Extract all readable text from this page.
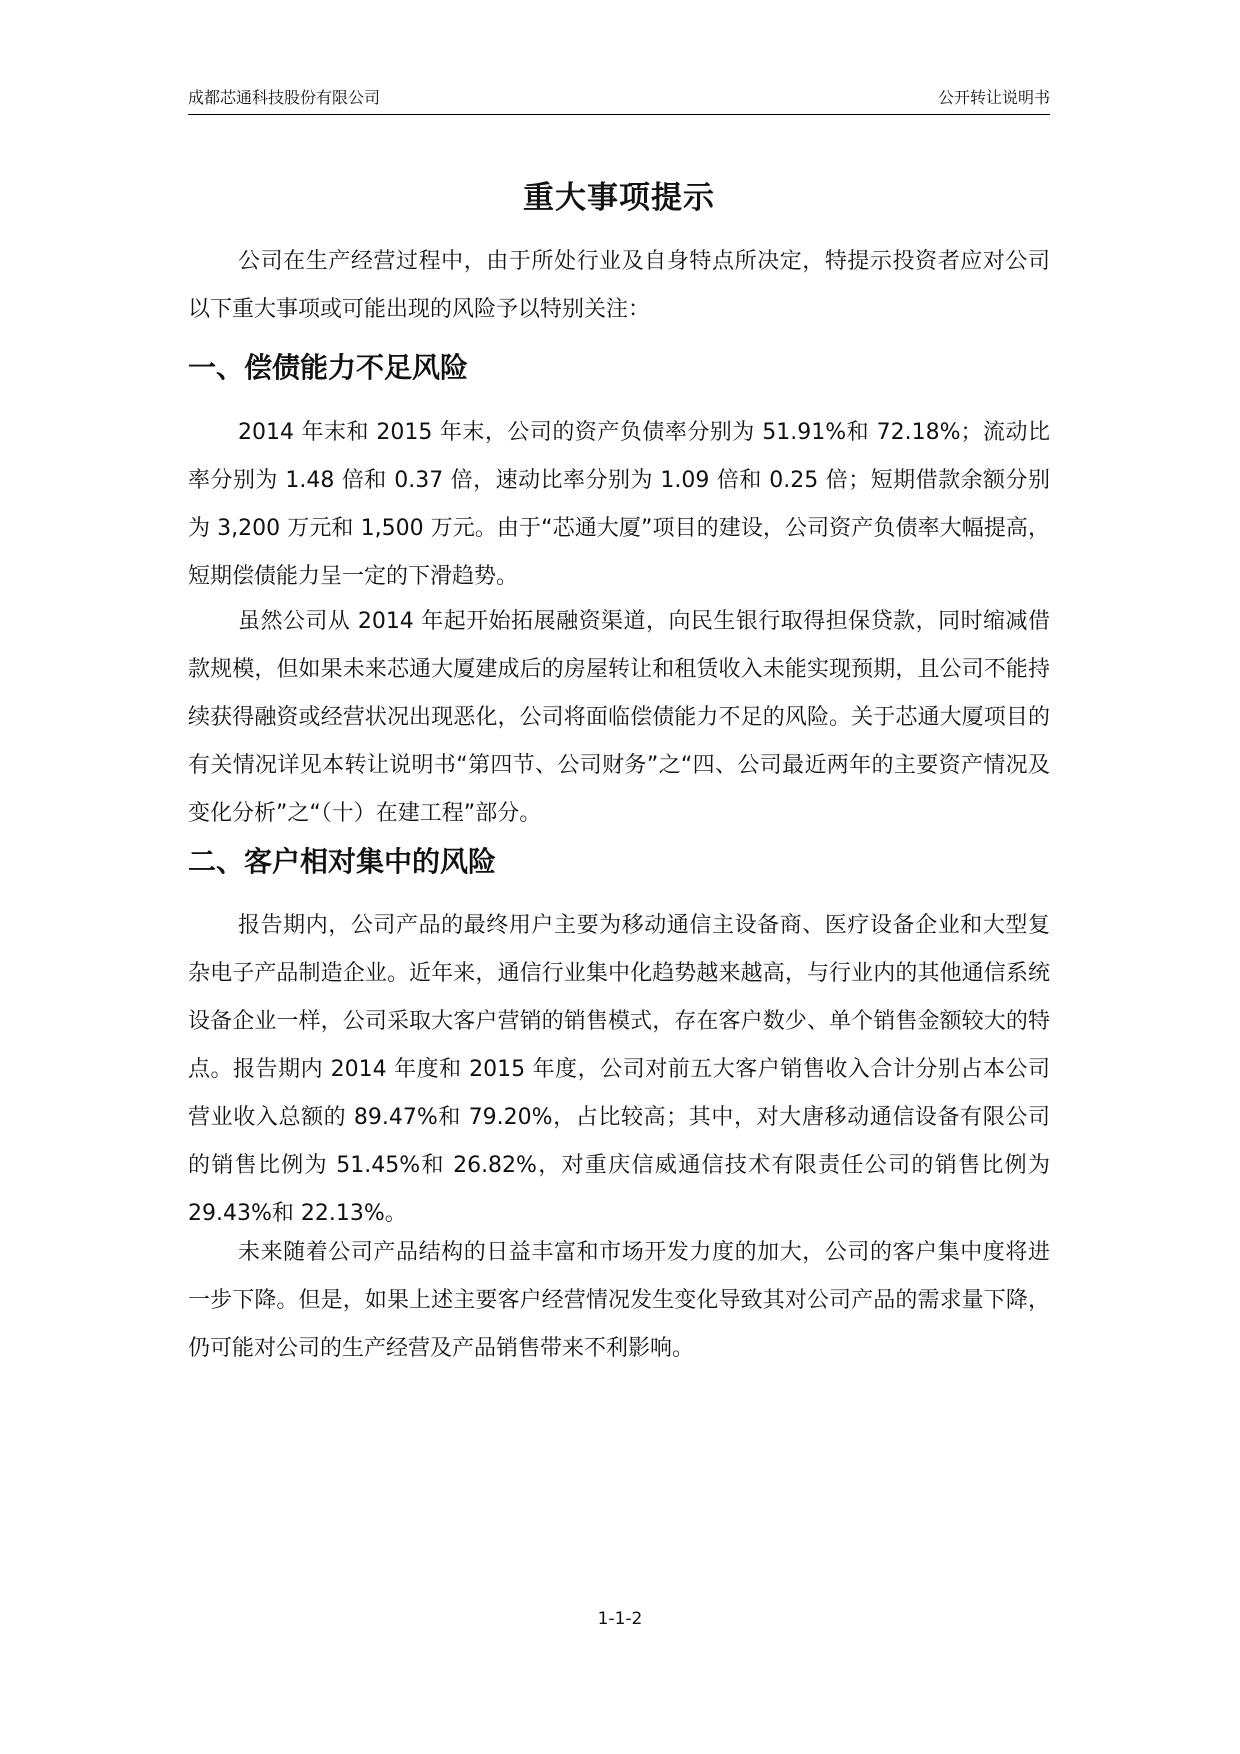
成都芯通科技股份有限公司	公开转让说明书
重大事项提示

公司在生产经营过程中，由于所处行业及自身特点所决定，特提示投资者应对公司以下重大事项或可能出现的风险予以特别关注：

一、偿债能力不足风险

2014 年末和 2015 年末，公司的资产负债率分别为 51.91%和 72.18%；流动比率分别为 1.48 倍和 0.37 倍，速动比率分别为 1.09 倍和 0.25 倍；短期借款余额分别为 3,200 万元和 1,500 万元。由于“芯通大厦”项目的建设，公司资产负债率大幅提高，短期偿债能力呈一定的下滑趋势。

虽然公司从 2014 年起开始拓展融资渠道，向民生银行取得担保贷款，同时缩减借款规模，但如果未来芯通大厦建成后的房屋转让和租赁收入未能实现预期，且公司不能持续获得融资或经营状况出现恶化，公司将面临偿债能力不足的风险。关于芯通大厦项目的有关情况详见本转让说明书“第四节、公司财务”之“四、公司最近两年的主要资产情况及变化分析”之“（十）在建工程”部分。

二、客户相对集中的风险

报告期内，公司产品的最终用户主要为移动通信主设备商、医疗设备企业和大型复杂电子产品制造企业。近年来，通信行业集中化趋势越来越高，与行业内的其他通信系统设备企业一样，公司采取大客户营销的销售模式，存在客户数少、单个销售金额较大的特点。报告期内 2014 年度和 2015 年度，公司对前五大客户销售收入合计分别占本公司营业收入总额的 89.47%和 79.20%，占比较高；其中，对大唐移动通信设备有限公司的销售比例为 51.45%和 26.82%，对重庆信威通信技术有限责任公司的销售比例为 29.43%和 22.13%。

未来随着公司产品结构的日益丰富和市场开发力度的加大，公司的客户集中度将进一步下降。但是，如果上述主要客户经营情况发生变化导致其对公司产品的需求量下降，仍可能对公司的生产经营及产品销售带来不利影响。

1-1-2
